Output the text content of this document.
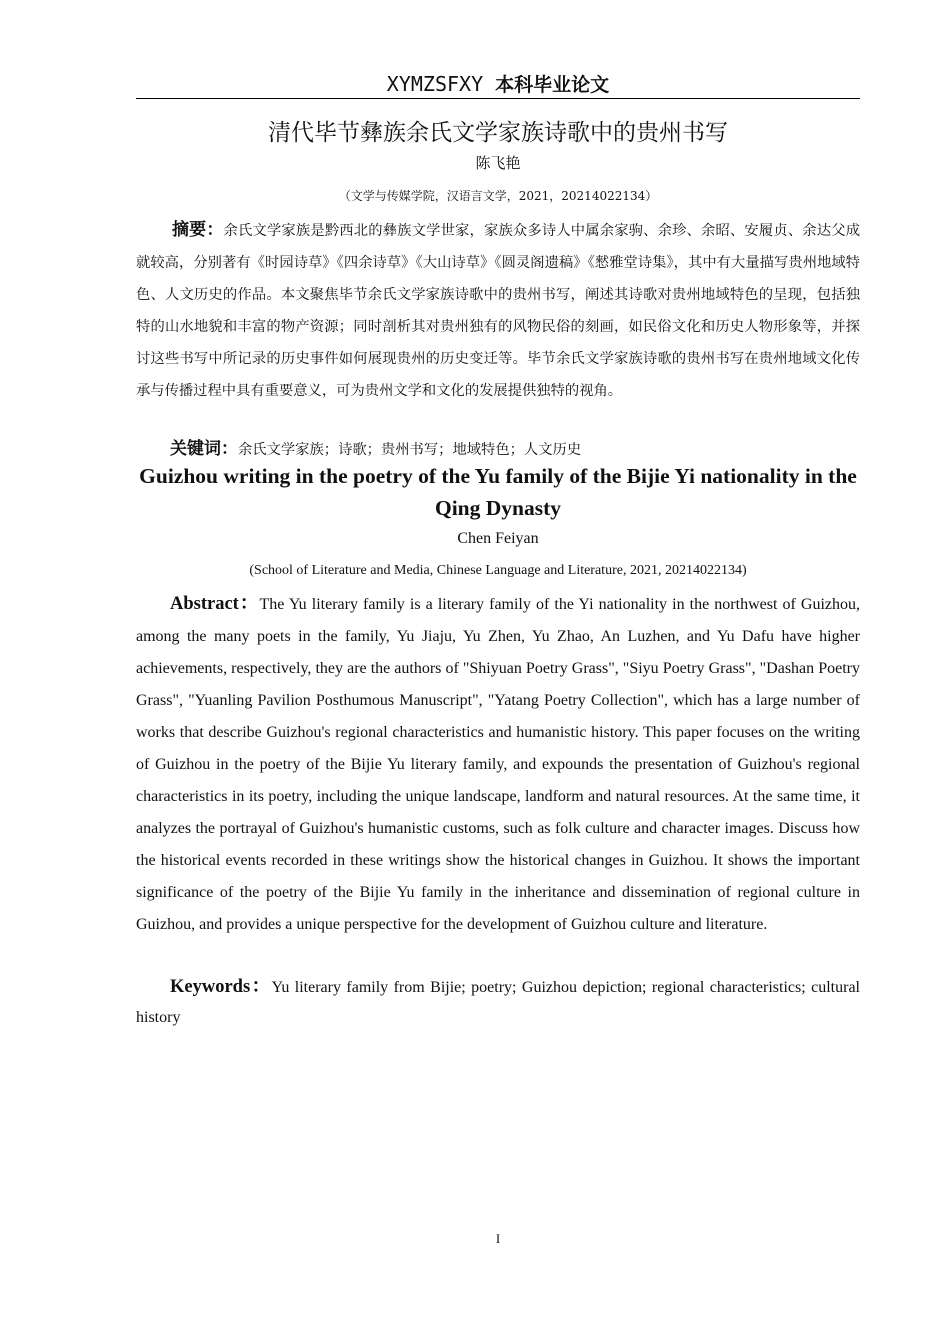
XYMZSFXY 本科毕业论文
清代毕节彝族余氏文学家族诗歌中的贵州书写
陈飞艳
（文学与传媒学院，汉语言文学，2021，20214022134）
摘要：余氏文学家族是黔西北的彝族文学世家，家族众多诗人中属余家驹、余珍、余昭、安履贞、余达父成就较高，分别著有《时园诗草》《四余诗草》《大山诗草》《圆灵阁遗稿》《憖雅堂诗集》，其中有大量描写贵州地域特色、人文历史的作品。本文聚焦毕节余氏文学家族诗歌中的贵州书写，阐述其诗歌对贵州地域特色的呈现，包括独特的山水地貌和丰富的物产资源；同时剖析其对贵州独有的风物民俗的刻画，如民俗文化和历史人物形象等，并探讨这些书写中所记录的历史事件如何展现贵州的历史变迁等。毕节余氏文学家族诗歌的贵州书写在贵州地域文化传承与传播过程中具有重要意义，可为贵州文学和文化的发展提供独特的视角。
关键词：余氏文学家族；诗歌；贵州书写；地域特色；人文历史
Guizhou writing in the poetry of the Yu family of the Bijie Yi nationality in the Qing Dynasty
Chen Feiyan
(School of Literature and Media, Chinese Language and Literature, 2021, 20214022134)
Abstract：The Yu literary family is a literary family of the Yi nationality in the northwest of Guizhou, among the many poets in the family, Yu Jiaju, Yu Zhen, Yu Zhao, An Luzhen, and Yu Dafu have higher achievements, respectively, they are the authors of "Shiyuan Poetry Grass", "Siyu Poetry Grass", "Dashan Poetry Grass", "Yuanling Pavilion Posthumous Manuscript", "Yatang Poetry Collection", which has a large number of works that describe Guizhou's regional characteristics and humanistic history. This paper focuses on the writing of Guizhou in the poetry of the Bijie Yu literary family, and expounds the presentation of Guizhou's regional characteristics in its poetry, including the unique landscape, landform and natural resources. At the same time, it analyzes the portrayal of Guizhou's humanistic customs, such as folk culture and character images. Discuss how the historical events recorded in these writings show the historical changes in Guizhou. It shows the important significance of the poetry of the Bijie Yu family in the inheritance and dissemination of regional culture in Guizhou, and provides a unique perspective for the development of Guizhou culture and literature.
Keywords：Yu literary family from Bijie; poetry; Guizhou depiction; regional characteristics; cultural history
I
